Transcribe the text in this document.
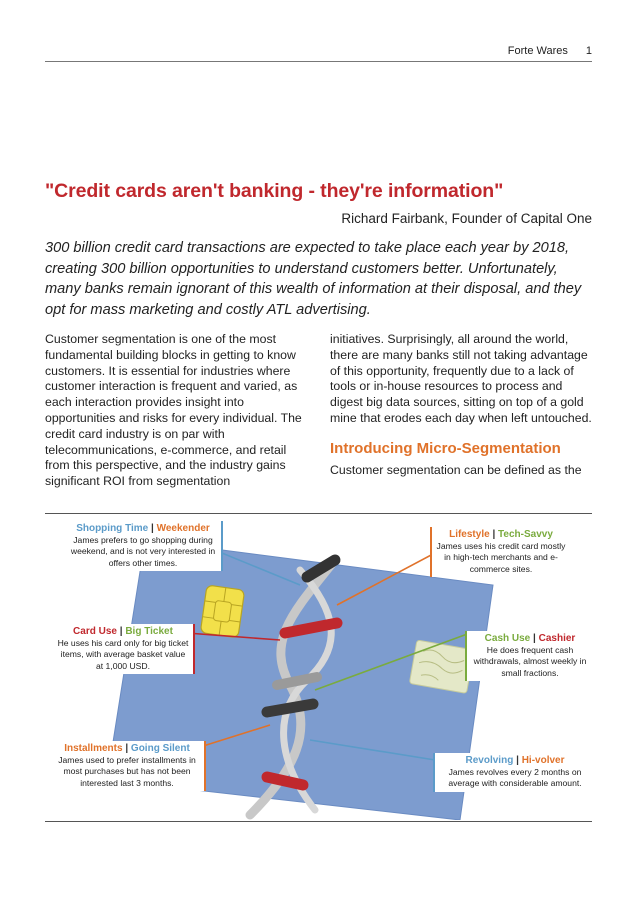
Forte Wares 1
"Credit cards aren't banking - they're information"
Richard Fairbank, Founder of Capital One
300 billion credit card transactions are expected to take place each year by 2018, creating 300 billion opportunities to understand customers better. Unfortunately, many banks remain ignorant of this wealth of information at their disposal, and they opt for mass marketing and costly ATL advertising.

Customer segmentation is one of the most fundamental building blocks in getting to know customers. It is essential for industries where customer interaction is frequent and varied, as each interaction provides insight into opportunities and risks for every individual. The credit card industry is on par with telecommunications, e-commerce, and retail from this perspective, and the industry gains significant ROI from segmentation

initiatives. Surprisingly, all around the world, there are many banks still not taking advantage of this opportunity, frequently due to a lack of tools or in-house resources to process and digest big data sources, sitting on top of a gold mine that erodes each day when left untouched.

Introducing Micro-Segmentation

Customer segmentation can be defined as the

Shopping Time | Weekender
James prefers to go shopping during weekend, and is not very interested in offers other times.
Card Use | Big Ticket
He uses his card only for big ticket items, with average basket value at 1,000 USD.
Installments | Going Silent
James used to prefer installments in most purchases but has not been interested last 3 months.
Lifestyle | Tech-Savvy
James uses his credit card mostly in high-tech merchants and e-commerce sites.
Cash Use | Cashier
He does frequent cash withdrawals, almost weekly in small fractions.
Revolving | Hi-volver
James revolves every 2 months on average with considerable amount.
